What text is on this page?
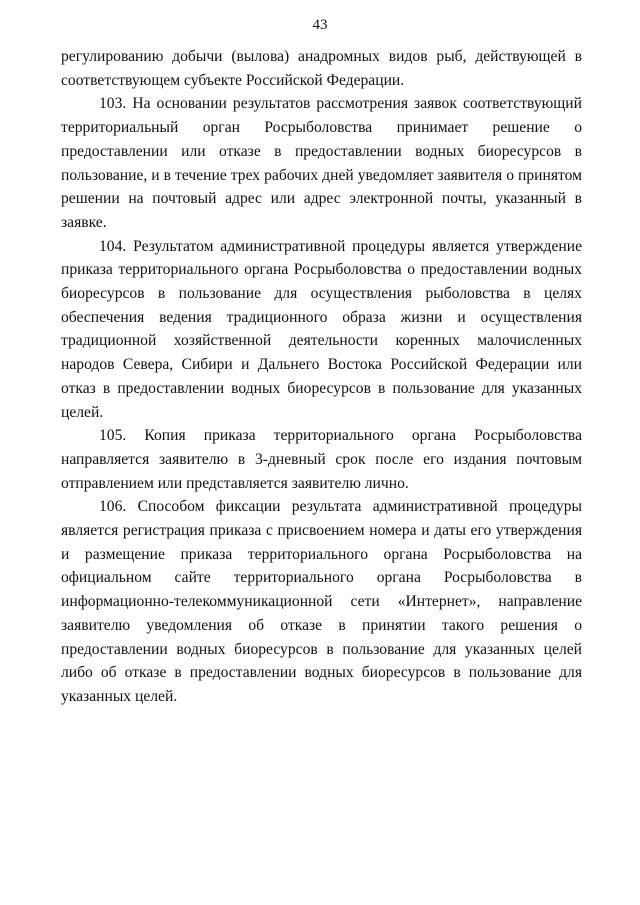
43

регулированию добычи (вылова) анадромных видов рыб, действующей в соответствующем субъекте Российской Федерации.

103. На основании результатов рассмотрения заявок соответствующий территориальный орган Росрыболовства принимает решение о предоставлении или отказе в предоставлении водных биоресурсов в пользование, и в течение трех рабочих дней уведомляет заявителя о принятом решении на почтовый адрес или адрес электронной почты, указанный в заявке.

104. Результатом административной процедуры является утверждение приказа территориального органа Росрыболовства о предоставлении водных биоресурсов в пользование для осуществления рыболовства в целях обеспечения ведения традиционного образа жизни и осуществления традиционной хозяйственной деятельности коренных малочисленных народов Севера, Сибири и Дальнего Востока Российской Федерации или отказ в предоставлении водных биоресурсов в пользование для указанных целей.

105. Копия приказа территориального органа Росрыболовства направляется заявителю в 3-дневный срок после его издания почтовым отправлением или представляется заявителю лично.

106. Способом фиксации результата административной процедуры является регистрация приказа с присвоением номера и даты его утверждения и размещение приказа территориального органа Росрыболовства на официальном сайте территориального органа Росрыболовства в информационно-телекоммуникационной сети «Интернет», направление заявителю уведомления об отказе в принятии такого решения о предоставлении водных биоресурсов в пользование для указанных целей либо об отказе в предоставлении водных биоресурсов в пользование для указанных целей.
